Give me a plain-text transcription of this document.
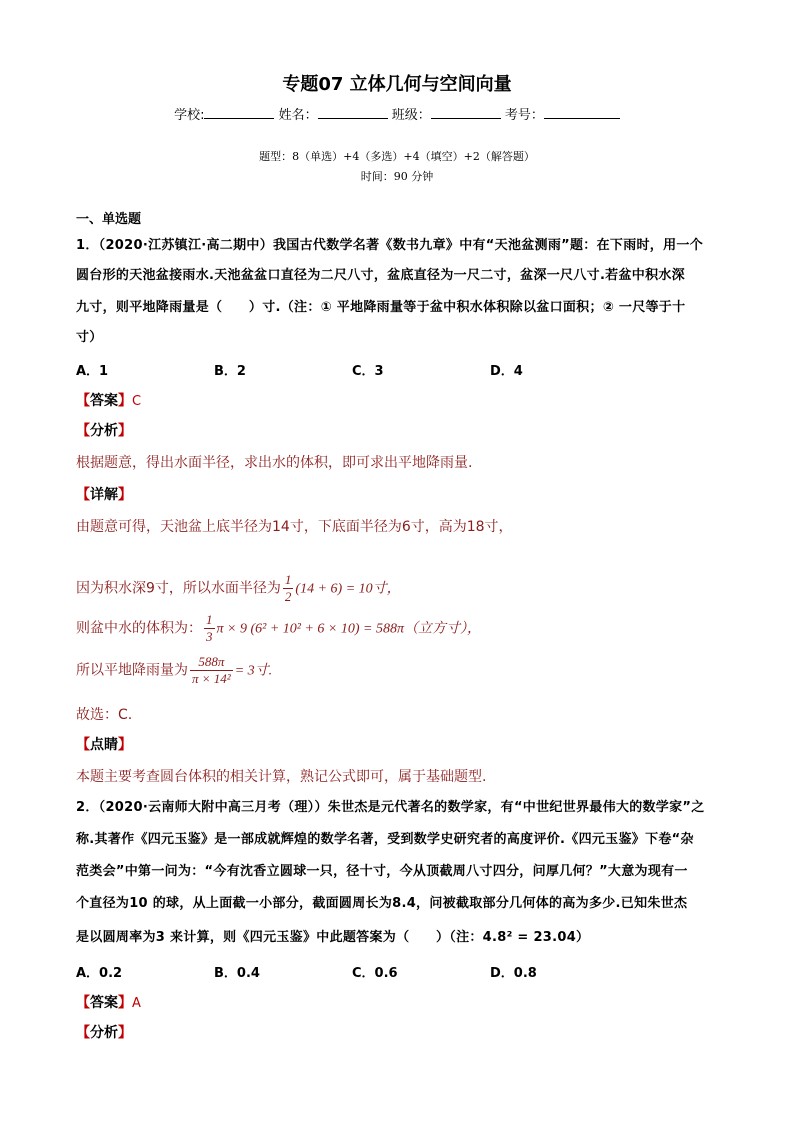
专题07 立体几何与空间向量
学校:	姓名：	班级：	考号：
题型：8（单选）+4（多选）+4（填空）+2（解答题）
时间：90 分钟
一、单选题
1．（2020·江苏镇江·高二期中）我国古代数学名著《数书九章》中有“天池盆测雨”题：在下雨时，用一个
圆台形的天池盆接雨水.天池盆盆口直径为二尺八寸，盆底直径为一尺二寸，盆深一尺八寸.若盆中积水深
九寸，则平地降雨量是（　　）寸.（注：① 平地降雨量等于盆中积水体积除以盆口面积；② 一尺等于十
寸）
A．1	B．2	C．3	D．4
【答案】C
【分析】
根据题意，得出水面半径，求出水的体积，即可求出平地降雨量.
【详解】
由题意可得，天池盆上底半径为14寸，下底面半径为6寸，高为18寸，
因为积水深9寸，所以水面半径为 $\frac{1}{2} (14 + 6) = 10$寸，
则盆中水的体积为： $\frac{1}{3}$ π × 9 (6² + 10² + 6 × 10) = 588π（立方寸），
所以平地降雨量为 $\frac{588\pi}{\text{π × 14²}} = 3$寸.
故选：C.
【点睛】
本题主要考查圆台体积的相关计算，熟记公式即可，属于基础题型.
2．（2020·云南师大附中高三月考（理））朱世杰是元代著名的数学家，有“中世纪世界最伟大的数学家”之
称.其著作《四元玉鉴》是一部成就辉煌的数学名著，受到数学史研究者的高度评价.《四元玉鉴》下卷“杂
范类会”中第一问为：“今有沈香立圆球一只，径十寸，今从顶截周八寸四分，问厚几何？”大意为现有一
个直径为10 的球，从上面截一小部分，截面圆周长为8.4，问被截取部分几何体的高为多少.已知朱世杰
是以圆周率为3 来计算，则《四元玉鉴》中此题答案为（　　）（注：4.8² = 23.04）
A．0.2	B．0.4	C．0.6	D．0.8
【答案】A
【分析】
